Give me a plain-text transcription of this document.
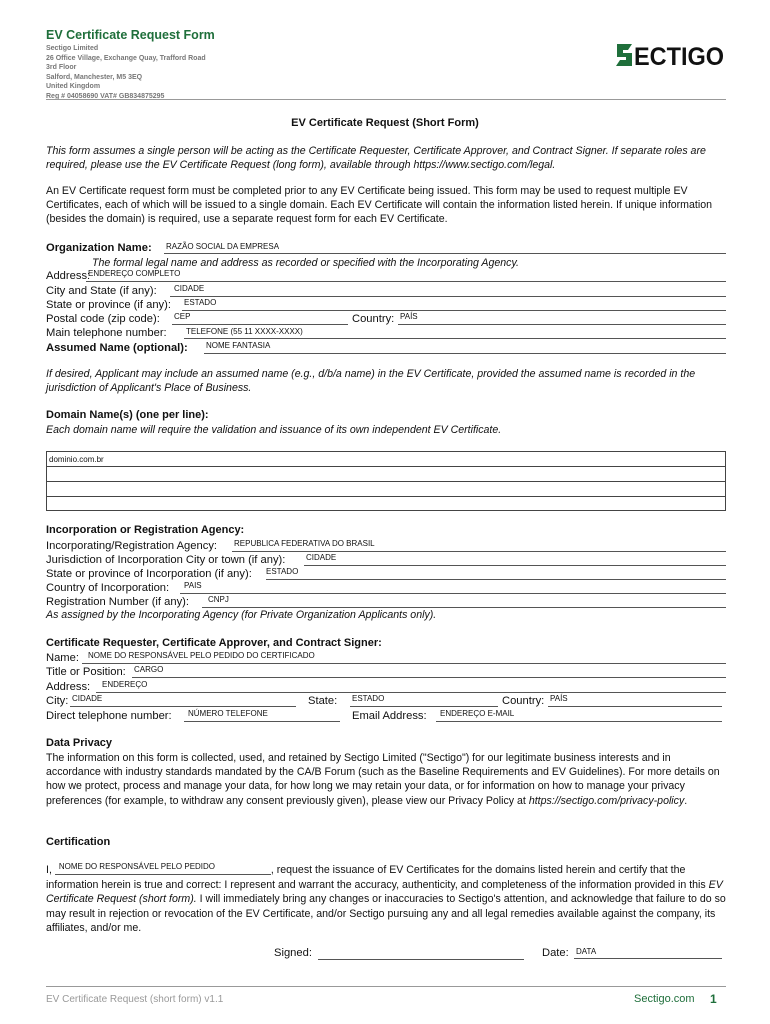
EV Certificate Request Form
Sectigo Limited
26 Office Village, Exchange Quay, Trafford Road
3rd Floor
Salford, Manchester, M5 3EQ
United Kingdom
Reg # 04058690 VAT# GB834875295
ECTIGO
EV Certificate Request (Short Form)
This form assumes a single person will be acting as the Certificate Requester, Certificate Approver, and Contract Signer. If separate roles are required, please use the EV Certificate Request (long form), available through https://www.sectigo.com/legal.
An EV Certificate request form must be completed prior to any EV Certificate being issued. This form may be used to request multiple EV Certificates, each of which will be issued to a single domain. Each EV Certificate will contain the information listed herein. If unique information (besides the domain) is required, use a separate request form for each EV Certificate.
Organization Name: RAZÃO SOCIAL DA EMPRESA
The formal legal name and address as recorded or specified with the Incorporating Agency.
Address:
ENDEREÇO COMPLETO
City and State (if any): CIDADE
State or province (if any): ESTADO
Postal code (zip code): CEP	Country: PAÍS
Main telephone number: TELEFONE (55 11 XXXX-XXXX)
Assumed Name (optional): NOME FANTASIA
If desired, Applicant may include an assumed name (e.g., d/b/a name) in the EV Certificate, provided the assumed name is recorded in the jurisdiction of Applicant's Place of Business.
Domain Name(s) (one per line):
Each domain name will require the validation and issuance of its own independent EV Certificate.
dominio.com.br
Incorporation or Registration Agency:
Incorporating/Registration Agency: REPUBLICA FEDERATIVA DO BRASIL
Jurisdiction of Incorporation City or town (if any):	CIDADE
State or province of Incorporation (if any): ESTADO
Country of Incorporation: PAIS
Registration Number (if any): CNPJ
As assigned by the Incorporating Agency (for Private Organization Applicants only).
Certificate Requester, Certificate Approver, and Contract Signer:
Name: NOME DO RESPONSÁVEL PELO PEDIDO DO CERTIFICADO
Title or Position: CARGO
Address: ENDEREÇO
City: CIDADE	State: ESTADO	Country: PAÍS
Direct telephone number: NÚMERO TELEFONE	Email Address: ENDEREÇO E-MAIL
Data Privacy
The information on this form is collected, used, and retained by Sectigo Limited ("Sectigo") for our legitimate business interests and in accordance with industry standards mandated by the CA/B Forum (such as the Baseline Requirements and EV Guidelines). For more details on how we protect, process and manage your data, for how long we may retain your data, or for information on how to manage your privacy preferences (for example, to withdraw any consent previously given), please view our Privacy Policy at https://sectigo.com/privacy-policy.
Certification
I, NOME DO RESPONSÁVEL PELO PEDIDO	, request the issuance of EV Certificates for the domains listed herein and certify that the information herein is true and correct: I represent and warrant the accuracy, authenticity, and completeness of the information provided in this EV Certificate Request (short form). I will immediately bring any changes or inaccuracies to Sectigo's attention, and acknowledge that failure to do so may result in rejection or revocation of the EV Certificate, and/or Sectigo pursuing any and all legal remedies available against the company, its affiliates, and/or me.
Signed:	Date: DATA
EV Certificate Request (short form) v1.1	Sectigo.com 1
